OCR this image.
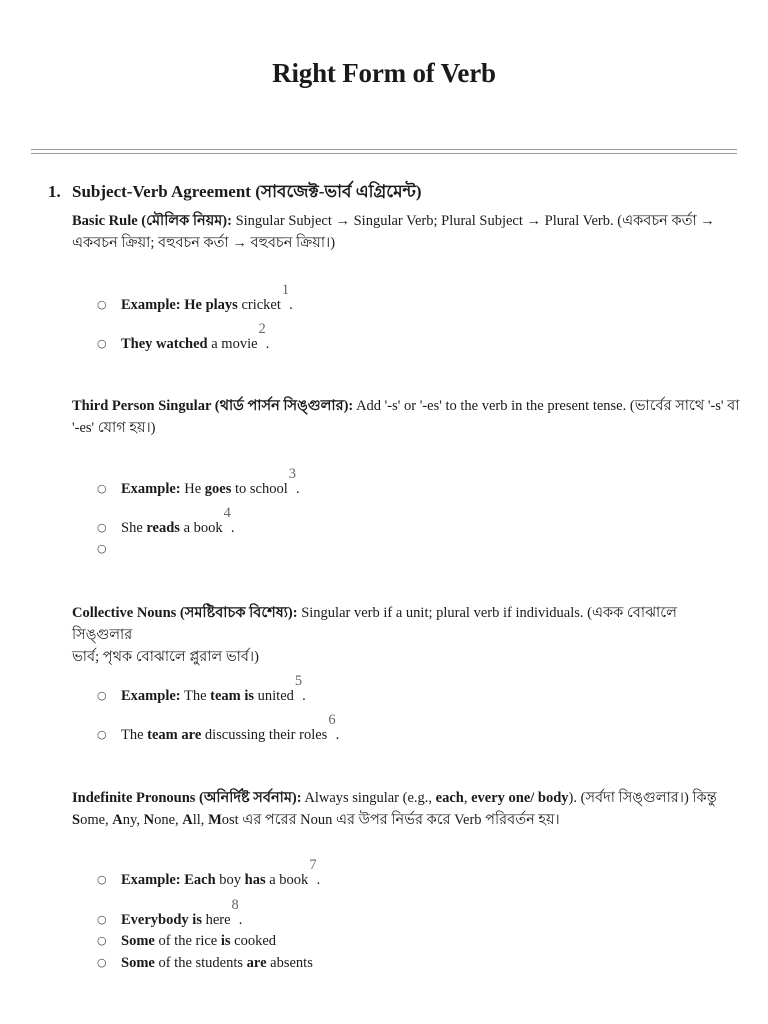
Right Form of Verb
1. Subject-Verb Agreement (সাবজেক্ট-ভার্ব এগ্রিমেন্ট)
Basic Rule (মৌলিক নিয়ম): Singular Subject → Singular Verb; Plural Subject → Plural Verb. (একবচন কর্তা →
একবচন ক্রিয়া; বহুবচন কর্তা → বহুবচন ক্রিয়া।)
○ Example: He plays cricket$^1$.
○ They watched a movie$^2$.
Third Person Singular (থার্ড পার্সন সিঙ্গুলার): Add '-s' or '-es' to the verb in the present tense. (ভার্বের সাথে '-s' বা
'-es' যোগ হয়।)
○ Example: He goes to school$^3$.
○ She reads a book$^4$.
○
Collective Nouns (সমষ্টিবাচক বিশেষ্য): Singular verb if a unit; plural verb if individuals. (একক বোঝালে সিঙ্গুলার
ভার্ব; পৃথক বোঝালে প্লুরাল ভার্ব।)
○ Example: The team is united$^5$.
○ The team are discussing their roles$^6$.
Indefinite Pronouns (অনির্দিষ্ট সর্বনাম): Always singular (e.g., each, every one/ body). (সর্বদা সিঙ্গুলার।) কিন্তু
Some, Any, None, All, Most এর পরের Noun এর উপর নির্ভর করে Verb পরিবর্তন হয়।
○ Example: Each boy has a book$^7$.
○ Everybody is here$^8$.
○ Some of the rice is cooked
○ Some of the students are absents
